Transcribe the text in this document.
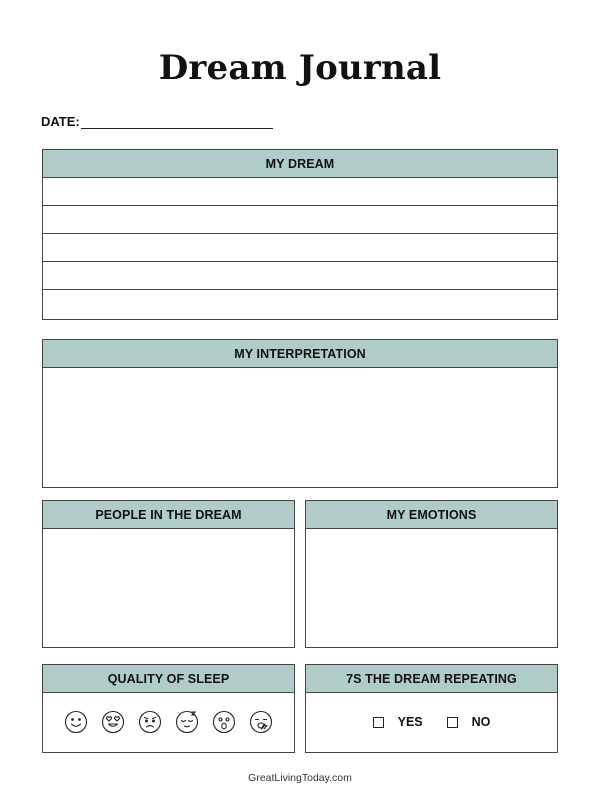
Dream Journal
DATE:
MY DREAM
MY INTERPRETATION
PEOPLE IN THE DREAM	MY EMOTIONS
QUALITY OF SLEEP	7S THE DREAM REPEATING
YES	NO
GreatLivingToday.com
